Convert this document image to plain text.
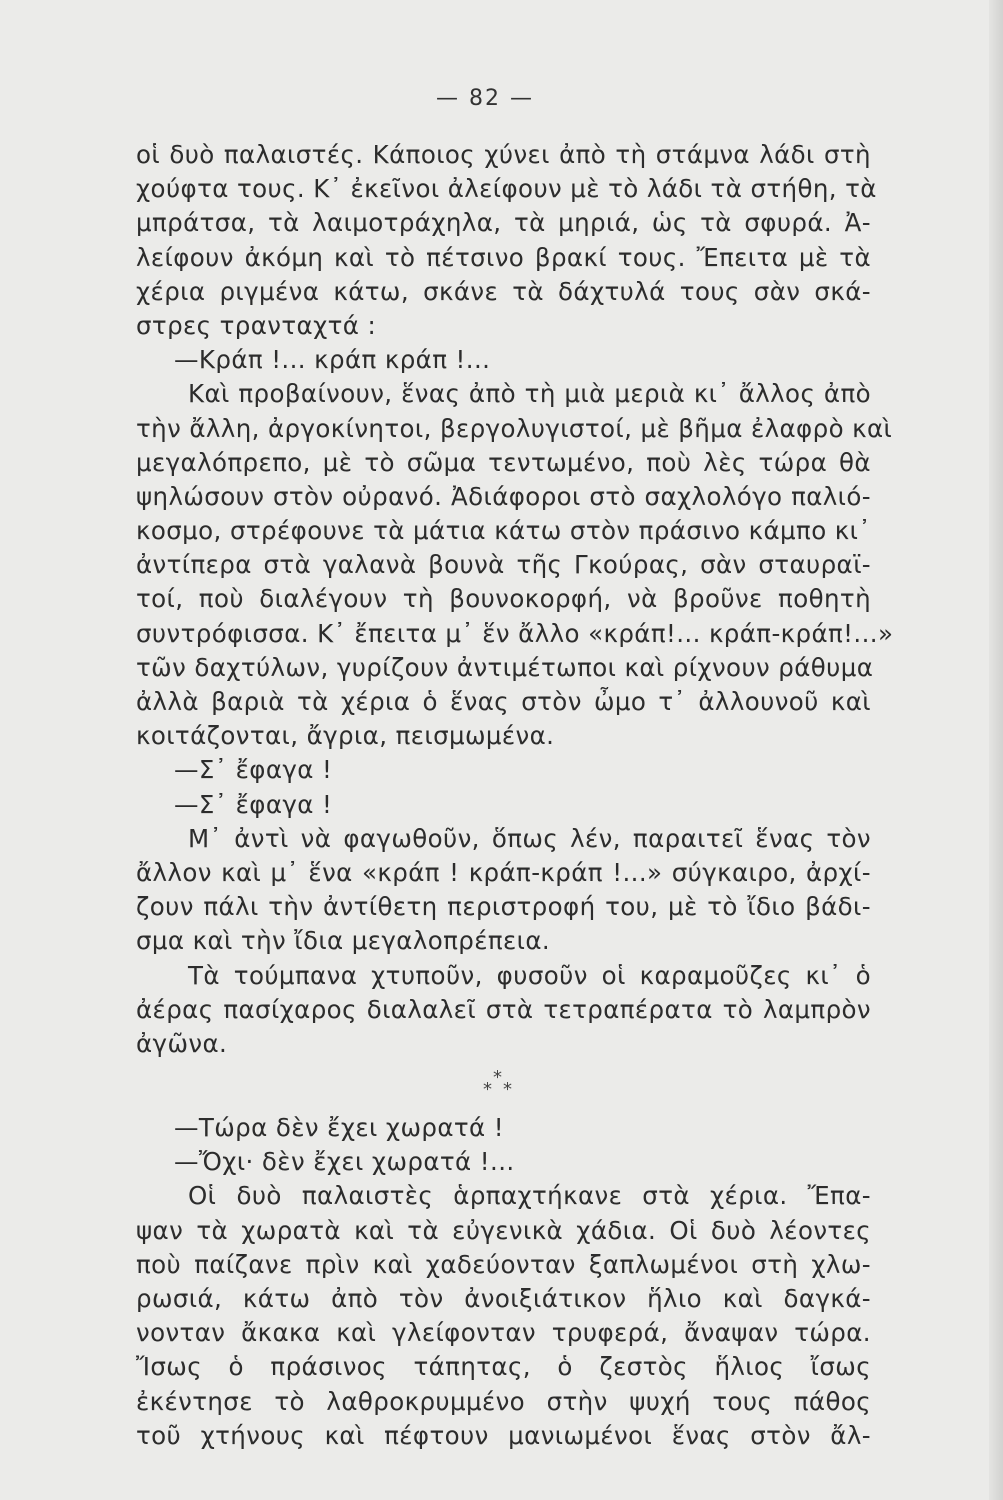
— 82 —
οἱ δυὸ παλαιστές. Κάποιος χύνει ἀπὸ τὴ στάμνα λάδι στὴ
χούφτα τους. Κ᾽ ἐκεῖνοι ἀλείφουν μὲ τὸ λάδι τὰ στήθη, τὰ
μπράτσα, τὰ λαιμοτράχηλα, τὰ μηριά, ὡς τὰ σφυρά. Ἀ-
λείφουν ἀκόμη καὶ τὸ πέτσινο βρακί τους. Ἔπειτα μὲ τὰ
χέρια ριγμένα κάτω, σκάνε τὰ δάχτυλά τους σὰν σκά-
στρες τρανταχτά :
—Κράπ !... κράπ κράπ !...
Καὶ προβαίνουν, ἕνας ἀπὸ τὴ μιὰ μεριὰ κι᾽ ἄλλος ἀπὸ
τὴν ἄλλη, ἀργοκίνητοι, βεργολυγιστοί, μὲ βῆμα ἐλαφρὸ καὶ
μεγαλόπρεπο, μὲ τὸ σῶμα τεντωμένο, ποὺ λὲς τώρα θὰ
ψηλώσουν στὸν οὐρανό. Ἀδιάφοροι στὸ σαχλολόγο παλιό-
κοσμο, στρέφουνε τὰ μάτια κάτω στὸν πράσινο κάμπο κι᾽
ἀντίπερα στὰ γαλανὰ βουνὰ τῆς Γκούρας, σὰν σταυραϊ-
τοί, ποὺ διαλέγουν τὴ βουνοκορφή, νὰ βροῦνε ποθητὴ
συντρόφισσα. Κ᾽ ἔπειτα μ᾽ ἕν ἄλλο «κράπ!... κράπ-κράπ!...»
τῶν δαχτύλων, γυρίζουν ἀντιμέτωποι καὶ ρίχνουν ράθυμα
ἀλλὰ βαριὰ τὰ χέρια ὁ ἕνας στὸν ὦμο τ᾽ ἀλλουνοῦ καὶ
κοιτάζονται, ἄγρια, πεισμωμένα.
—Σ᾽ ἔφαγα !
—Σ᾽ ἔφαγα !
Μ᾽ ἀντὶ νὰ φαγωθοῦν, ὅπως λέν, παραιτεῖ ἕνας τὸν
ἄλλον καὶ μ᾽ ἕνα «κράπ ! κράπ-κράπ !...» σύγκαιρο, ἀρχί-
ζουν πάλι τὴν ἀντίθετη περιστροφή του, μὲ τὸ ἴδιο βάδι-
σμα καὶ τὴν ἴδια μεγαλοπρέπεια.
Τὰ τούμπανα χτυποῦν, φυσοῦν οἱ καραμοῦζες κι᾽ ὁ
ἀέρας πασίχαρος διαλαλεῖ στὰ τετραπέρατα τὸ λαμπρὸν
ἀγῶνα.
*
* *
—Τώρα δὲν ἔχει χωρατά !
—Ὄχι· δὲν ἔχει χωρατά !...
Οἱ δυὸ παλαιστὲς ἁρπαχτήκανε στὰ χέρια. Ἔπα-
ψαν τὰ χωρατὰ καὶ τὰ εὐγενικὰ χάδια. Οἱ δυὸ λέοντες
ποὺ παίζανε πρὶν καὶ χαδεύονταν ξαπλωμένοι στὴ χλω-
ρωσιά, κάτω ἀπὸ τὸν ἀνοιξιάτικον ἥλιο καὶ δαγκά-
νονταν ἄκακα καὶ γλείφονταν τρυφερά, ἄναψαν τώρα.
Ἴσως ὁ πράσινος τάπητας, ὁ ζεστὸς ἥλιος ἴσως
ἐκέντησε τὸ λαθροκρυμμένο στὴν ψυχή τους πάθος
τοῦ χτήνους καὶ πέφτουν μανιωμένοι ἕνας στὸν ἄλ-
